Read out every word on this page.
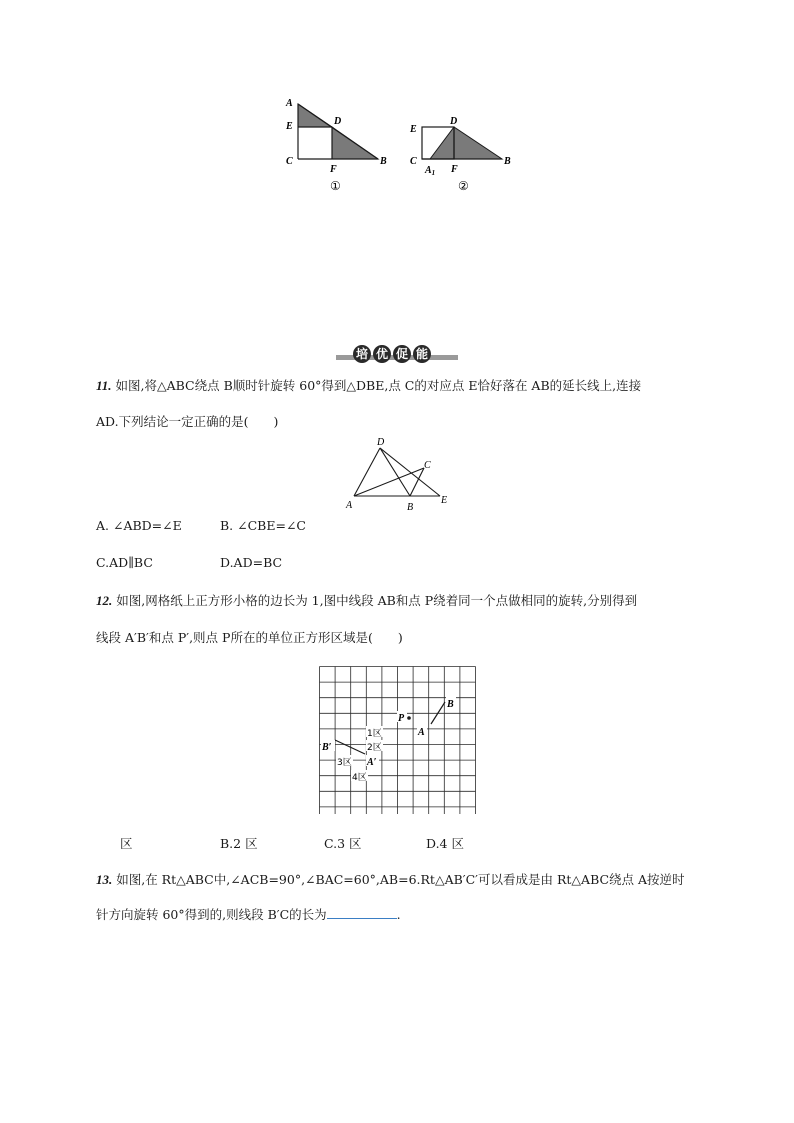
A
E
C
D
F
B
①
E
D
C
$A_1$ F
B
②
培 优 促 能
11. 如图,将△ABC绕点 B顺时针旋转 60°得到△DBE,点 C的对应点 E恰好落在 AB的延长线上,连接
AD.下列结论一定正确的是(　　)
D
C
A	B
E
A. ∠ABD=∠E	B. ∠CBE=∠C
C.AD∥BC	D.AD=BC
12. 如图,网格纸上正方形小格的边长为 1,图中线段 AB和点 P绕着同一个点做相同的旋转,分别得到
线段 A′B′和点 P′,则点 P所在的单位正方形区域是(　　)
P
A
B
B′
A′
1区
2区
3区
4区
区	B.2 区	C.3 区	D.4 区
13. 如图,在 Rt△ABC中,∠ACB=90°,∠BAC=60°,AB=6.Rt△AB′C′可以看成是由 Rt△ABC绕点 A按逆时
针方向旋转 60°得到的,则线段 B′C的长为	.
